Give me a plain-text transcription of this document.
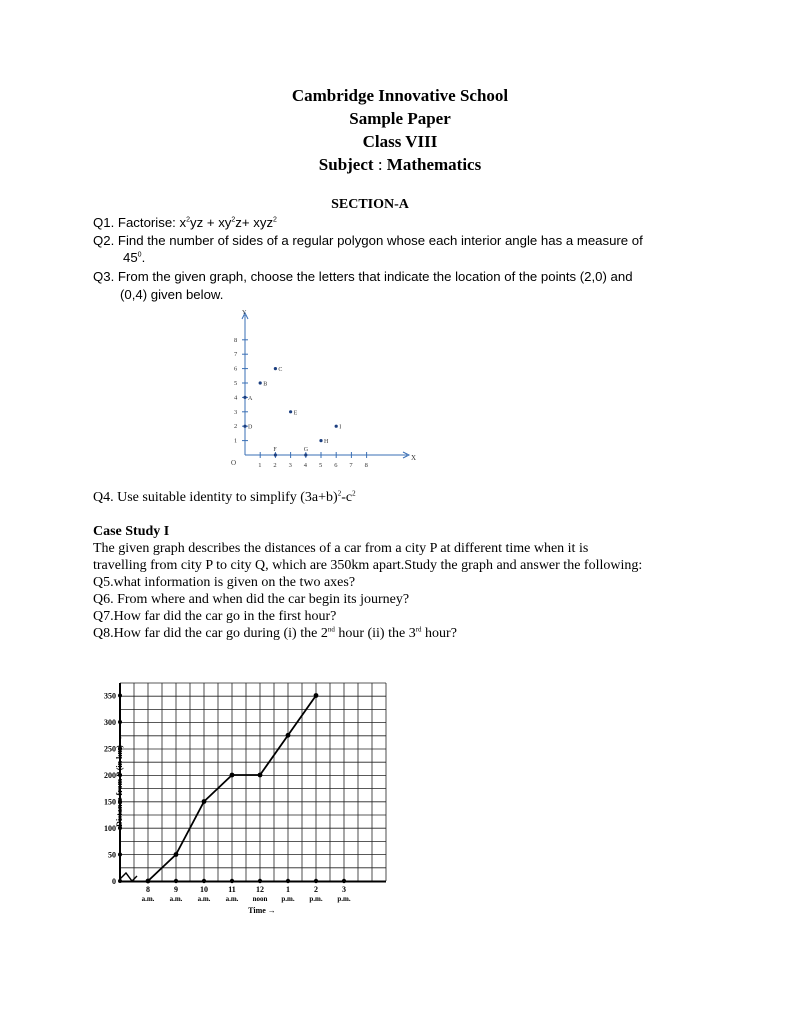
Cambridge Innovative School
Sample Paper
Class VIII
Subject : Mathematics
SECTION-A

Q1. Factorise: $x^2yz + xy^2z+ xyz^2$

Q2. Find the number of sides of a regular polygon whose each interior angle has a measure of

$45^0$.

Q3. From the given graph, choose the letters that indicate the location of the points (2,0) and

(0,4) given below.

X
Y
O	1 2 3 4 5 6 7 8
1
2
3
4
5
6
7
8
A
B
C
D
E
F	G
H
I

Q4. Use suitable identity to simplify $(3a+b)^2-c^2$

Case Study I

The given graph describes the distances of a car from a city P at different time when it is

travelling from city P to city Q, which are 350km apart.Study the graph and answer the following:

Q5.what information is given on the two axes?

Q6. From where and when did the car begin its journey?

Q7.How far did the car go in the first hour?

Q8.How far did the car go during (i) the 2nd hour (ii) the 3rd hour?

0
50
100
150
200
250
300
350
8
a.m.
9
a.m.
10
a.m.
11
a.m.
12
noon
1
p.m.
2
p.m.
3
p.m.
Time →
Distance from P (in km) →
